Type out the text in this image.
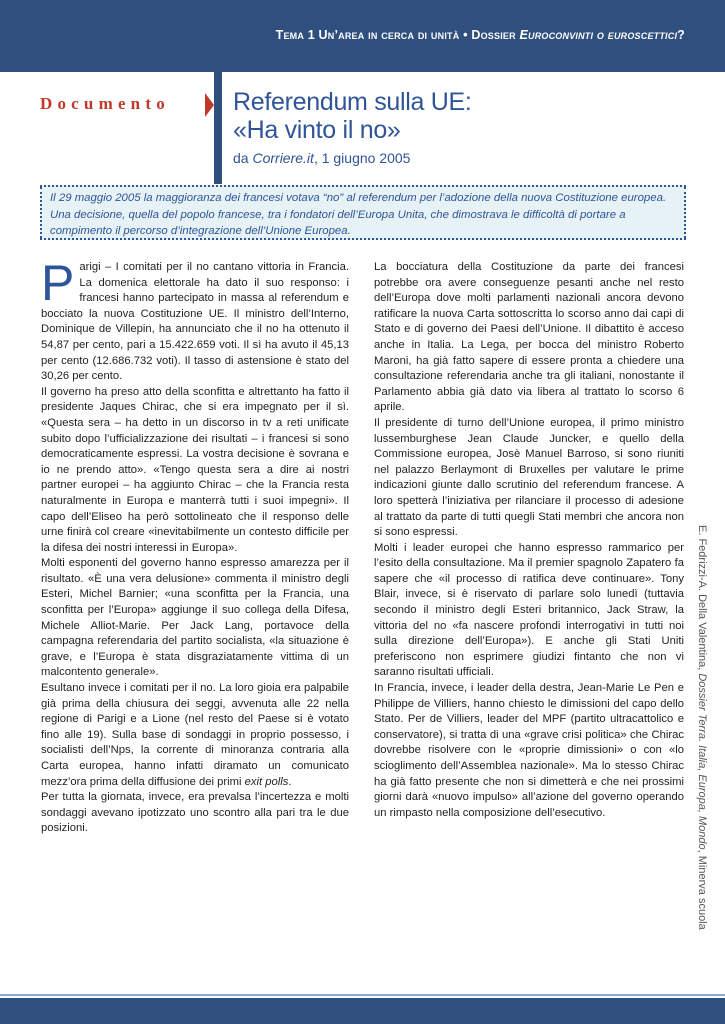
Tema 1 Un’area in cerca di unità • Dossier Euroconvinti o euroscettici?
Documento	Referendum sulla UE:
«Ha vinto il no»
da Corriere.it, 1 giugno 2005
Il 29 maggio 2005 la maggioranza dei francesi votava “no” al referendum per l’adozione della nuova Costituzione europea. Una decisione, quella del popolo francese, tra i fondatori dell’Europa Unita, che dimostrava le difficoltà di portare a compimento il percorso d’integrazione dell’Unione Europea.

Parigi – I comitati per il no cantano vittoria in Francia. La domenica elettorale ha dato il suo responso: i francesi hanno partecipato in massa al referendum e bocciato la nuova Costituzione UE. Il ministro dell’Interno, Dominique de Villepin, ha annunciato che il no ha ottenuto il 54,87 per cento, pari a 15.422.659 voti. Il sì ha avuto il 45,13 per cento (12.686.732 voti). Il tasso di astensione è stato del 30,26 per cento.

Il governo ha preso atto della sconfitta e altrettanto ha fatto il presidente Jaques Chirac, che si era impegnato per il sì. «Questa sera – ha detto in un discorso in tv a reti unificate subito dopo l’ufficializzazione dei risultati – i francesi si sono democraticamente espressi. La vostra decisione è sovrana e io ne prendo atto». «Tengo questa sera a dire ai nostri partner europei – ha aggiunto Chirac – che la Francia resta naturalmente in Europa e manterrà tutti i suoi impegni». Il capo dell’Eliseo ha però sottolineato che il responso delle urne finirà col creare «inevitabilmente un contesto difficile per la difesa dei nostri interessi in Europa».

Molti esponenti del governo hanno espresso amarezza per il risultato. «È una vera delusione» commenta il ministro degli Esteri, Michel Barnier; «una sconfitta per la Francia, una sconfitta per l’Europa» aggiunge il suo collega della Difesa, Michele Alliot-Marie. Per Jack Lang, portavoce della campagna referendaria del partito socialista, «la situazione è grave, e l’Europa è stata disgraziatamente vittima di un malcontento generale».

Esultano invece i comitati per il no. La loro gioia era palpabile già prima della chiusura dei seggi, avvenuta alle 22 nella regione di Parigi e a Lione (nel resto del Paese si è votato fino alle 19). Sulla base di sondaggi in proprio possesso, i socialisti dell’Nps, la corrente di minoranza contraria alla Carta europea, hanno infatti diramato un comunicato mezz’ora prima della diffusione dei primi exit polls.

Per tutta la giornata, invece, era prevalsa l’incertezza e molti sondaggi avevano ipotizzato uno scontro alla pari tra le due posizioni.

La bocciatura della Costituzione da parte dei francesi potrebbe ora avere conseguenze pesanti anche nel resto dell’Europa dove molti parlamenti nazionali ancora devono ratificare la nuova Carta sottoscritta lo scorso anno dai capi di Stato e di governo dei Paesi dell’Unione. Il dibattito è acceso anche in Italia. La Lega, per bocca del ministro Roberto Maroni, ha già fatto sapere di essere pronta a chiedere una consultazione referendaria anche tra gli italiani, nonostante il Parlamento abbia già dato via libera al trattato lo scorso 6 aprile.

Il presidente di turno dell’Unione europea, il primo ministro lussemburghese Jean Claude Juncker, e quello della Commissione europea, Josè Manuel Barroso, si sono riuniti nel palazzo Berlaymont di Bruxelles per valutare le prime indicazioni giunte dallo scrutinio del referendum francese. A loro spetterà l’iniziativa per rilanciare il processo di adesione al trattato da parte di tutti quegli Stati membri che ancora non si sono espressi.

Molti i leader europei che hanno espresso rammarico per l’esito della consultazione. Ma il premier spagnolo Zapatero fa sapere che «il processo di ratifica deve continuare». Tony Blair, invece, si è riservato di parlare solo lunedì (tuttavia secondo il ministro degli Esteri britannico, Jack Straw, la vittoria del no «fa nascere profondi interrogativi in tutti noi sulla direzione dell’Europa»). E anche gli Stati Uniti preferiscono non esprimere giudizi fintanto che non vi saranno risultati ufficiali.

In Francia, invece, i leader della destra, Jean-Marie Le Pen e Philippe de Villiers, hanno chiesto le dimissioni del capo dello Stato. Per de Villiers, leader del MPF (partito ultracattolico e conservatore), si tratta di una «grave crisi politica» che Chirac dovrebbe risolvere con le «proprie dimissioni» o con «lo scioglimento dell’Assemblea nazionale». Ma lo stesso Chirac ha già fatto presente che non si dimetterà e che nei prossimi giorni darà «nuovo impulso» all’azione del governo operando un rimpasto nella composizione dell’esecutivo.

E. Fedrizzi-A. Della Valentina, Dossier Terra. Italia, Europa, Mondo, Minerva scuola
